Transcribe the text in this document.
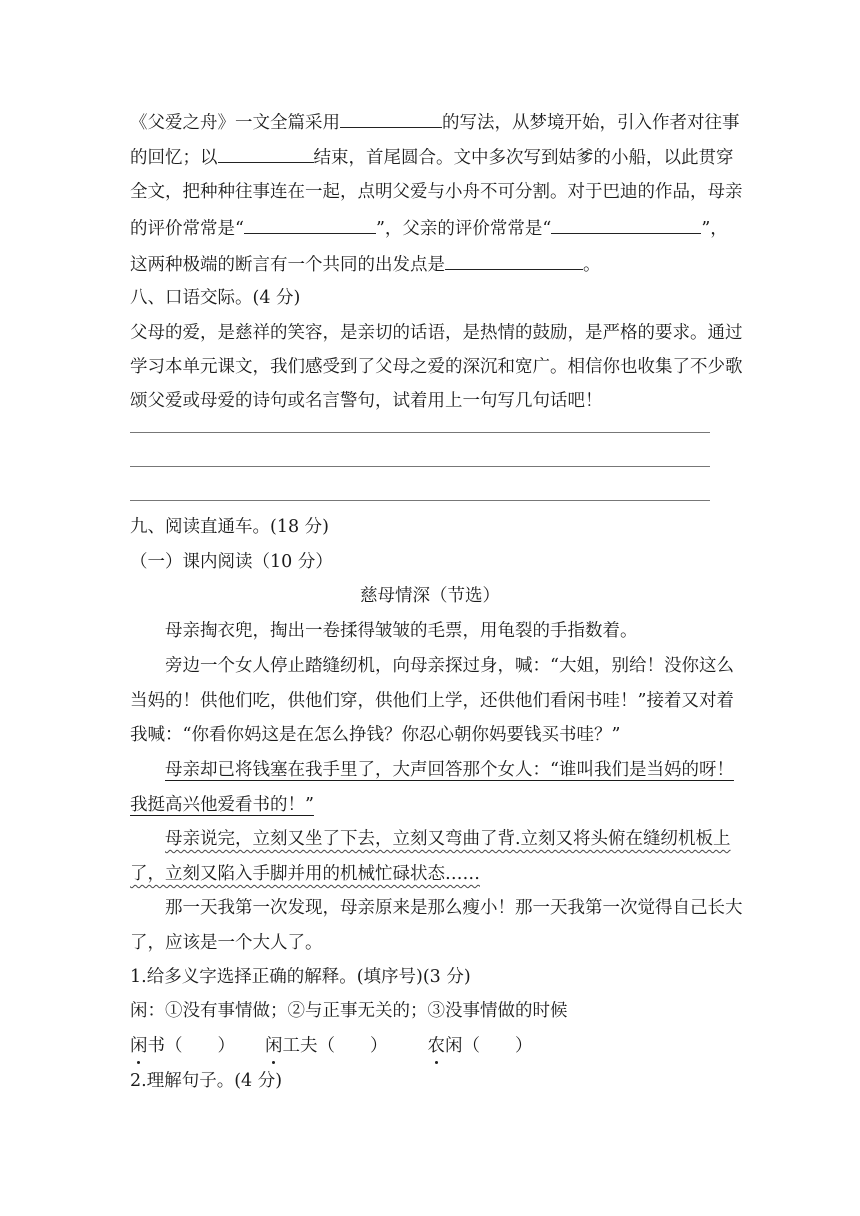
《父爱之舟》一文全篇采用	的写法，从梦境开始，引入作者对往事
的回忆；以	结束，首尾圆合。文中多次写到姑爹的小船，以此贯穿
全文，把种种往事连在一起，点明父爱与小舟不可分割。对于巴迪的作品，母亲
的评价常常是“	”，父亲的评价常常是“	”，
这两种极端的断言有一个共同的出发点是	。
八、口语交际。(4 分)
父母的爱，是慈祥的笑容，是亲切的话语，是热情的鼓励，是严格的要求。通过
学习本单元课文，我们感受到了父母之爱的深沉和宽广。相信你也收集了不少歌
颂父爱或母爱的诗句或名言警句，试着用上一句写几句话吧！
九、阅读直通车。(18 分)
（一）课内阅读（10 分）
慈母情深（节选）
母亲掏衣兜，掏出一卷揉得皱皱的毛票，用龟裂的手指数着。
旁边一个女人停止踏缝纫机，向母亲探过身，喊：“大姐，别给！没你这么
当妈的！供他们吃，供他们穿，供他们上学，还供他们看闲书哇！”接着又对着
我喊：“你看你妈这是在怎么挣钱？你忍心朝你妈要钱买书哇？”
母亲却已将钱塞在我手里了，大声回答那个女人：“谁叫我们是当妈的呀！
我挺高兴他爱看书的！”
母亲说完，立刻又坐了下去，立刻又弯曲了背.立刻又将头俯在缝纫机板上
了，立刻又陷入手脚并用的机械忙碌状态……
那一天我第一次发现，母亲原来是那么瘦小！那一天我第一次觉得自己长大
了，应该是一个大人了。
1.给多义字选择正确的解释。(填序号)(3 分)
闲：①没有事情做；②与正事无关的；③没事情做的时候
闲书（　　） 闲工夫（　　） 农闲（　　）
2.理解句子。(4 分)
